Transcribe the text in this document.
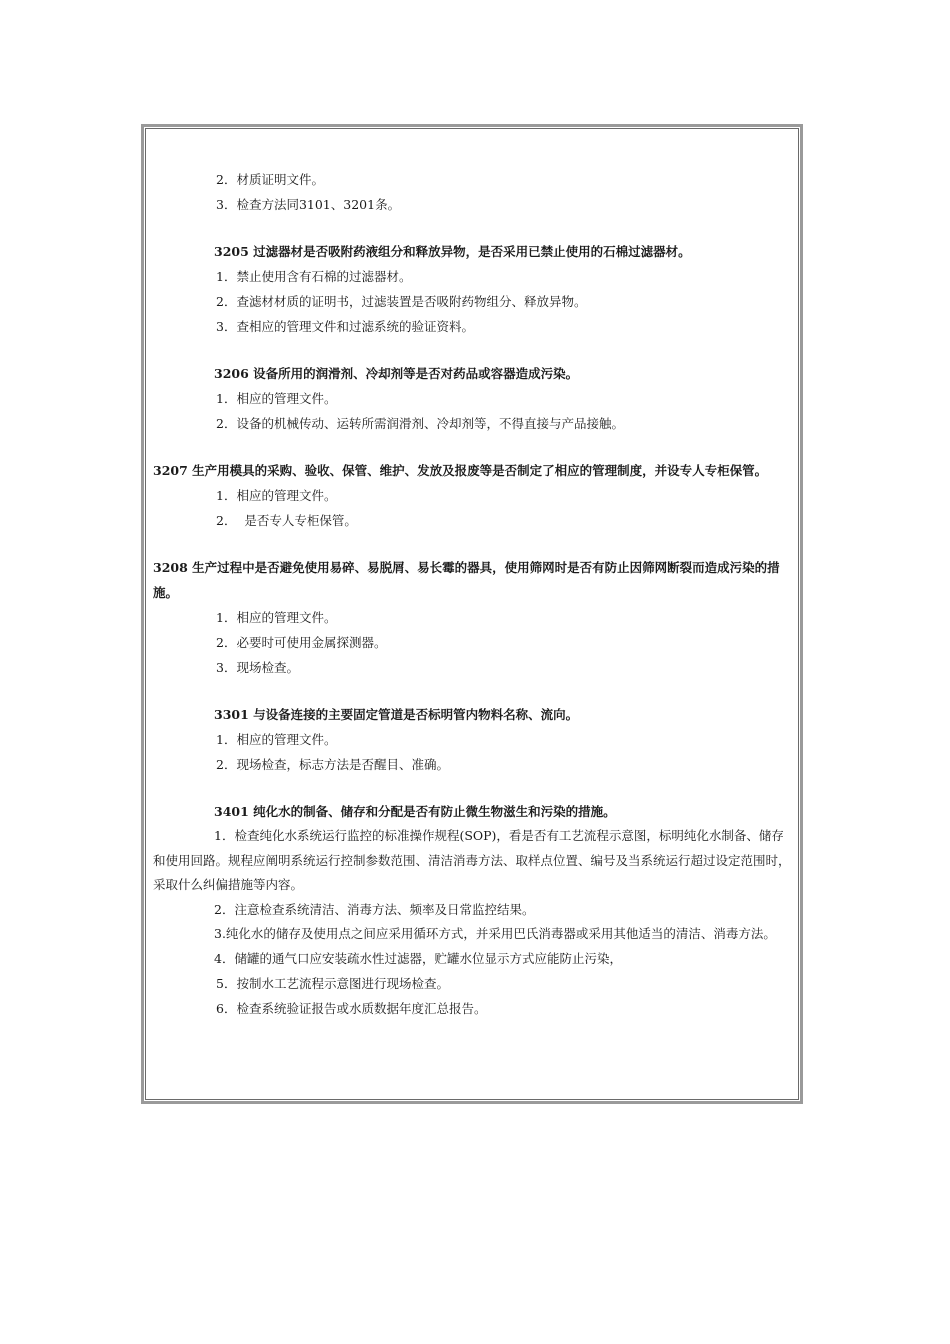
2．材质证明文件。
3．检查方法同3101、3201条。
3205 过滤器材是否吸附药液组分和释放异物，是否采用已禁止使用的石棉过滤器材。
1．禁止使用含有石棉的过滤器材。
2．查滤材材质的证明书，过滤装置是否吸附药物组分、释放异物。
3．查相应的管理文件和过滤系统的验证资料。
3206 设备所用的润滑剂、冷却剂等是否对药品或容器造成污染。
1．相应的管理文件。
2．设备的机械传动、运转所需润滑剂、冷却剂等，不得直接与产品接触。
3207 生产用模具的采购、验收、保管、维护、发放及报废等是否制定了相应的管理制度，并设专人专柜保管。
1．相应的管理文件。
2．  是否专人专柜保管。
3208 生产过程中是否避免使用易碎、易脱屑、易长霉的器具，使用筛网时是否有防止因筛网断裂而造成污染的措施。
1．相应的管理文件。
2．必要时可使用金属探测器。
3．现场检查。
3301 与设备连接的主要固定管道是否标明管内物料名称、流向。
1．相应的管理文件。
2．现场检查，标志方法是否醒目、准确。
3401 纯化水的制备、储存和分配是否有防止微生物滋生和污染的措施。
1．检查纯化水系统运行监控的标准操作规程(SOP)，看是否有工艺流程示意图，标明纯化水制备、储存和使用回路。规程应阐明系统运行控制参数范围、清洁消毒方法、取样点位置、编号及当系统运行超过设定范围时，采取什么纠偏措施等内容。
2．注意检查系统清洁、消毒方法、频率及日常监控结果。
3.纯化水的储存及使用点之间应采用循环方式，并采用巴氏消毒器或采用其他适当的清洁、消毒方法。
4．储罐的通气口应安装疏水性过滤器，贮罐水位显示方式应能防止污染，
5．按制水工艺流程示意图进行现场检查。
6．检查系统验证报告或水质数据年度汇总报告。
